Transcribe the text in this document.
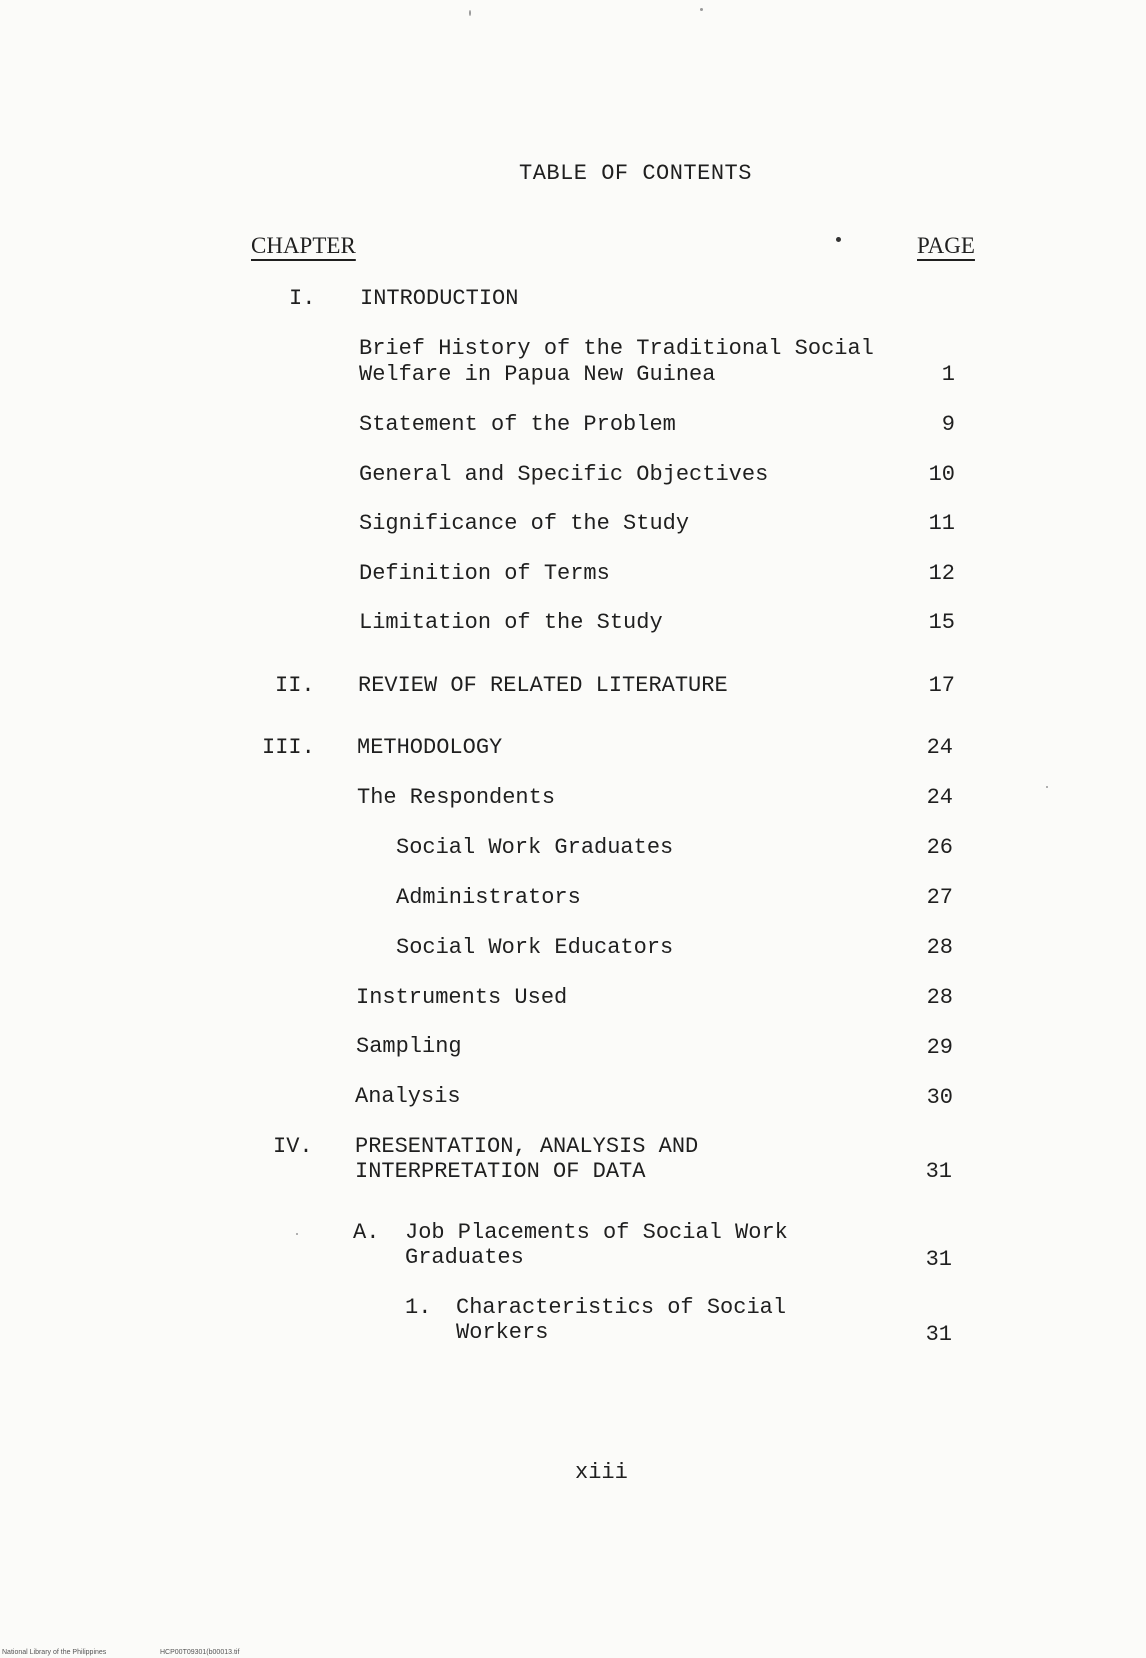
TABLE OF CONTENTS
CHAPTER	PAGE
I. INTRODUCTION
Brief History of the Traditional Social
Welfare in Papua New Guinea	1
Statement of the Problem	9
General and Specific Objectives	10
Significance of the Study	11
Definition of Terms	12
Limitation of the Study	15
II. REVIEW OF RELATED LITERATURE	17
III. METHODOLOGY	24
The Respondents	24
Social Work Graduates	26
Administrators	27
Social Work Educators	28
Instruments Used	28
Sampling	29
Analysis	30
IV. PRESENTATION, ANALYSIS AND
INTERPRETATION OF DATA	31
A. Job Placements of Social Work
Graduates	31
1. Characteristics of Social
Workers	31
xiii
National Library of the Philippines	HCP00T09301(b00013.tif
